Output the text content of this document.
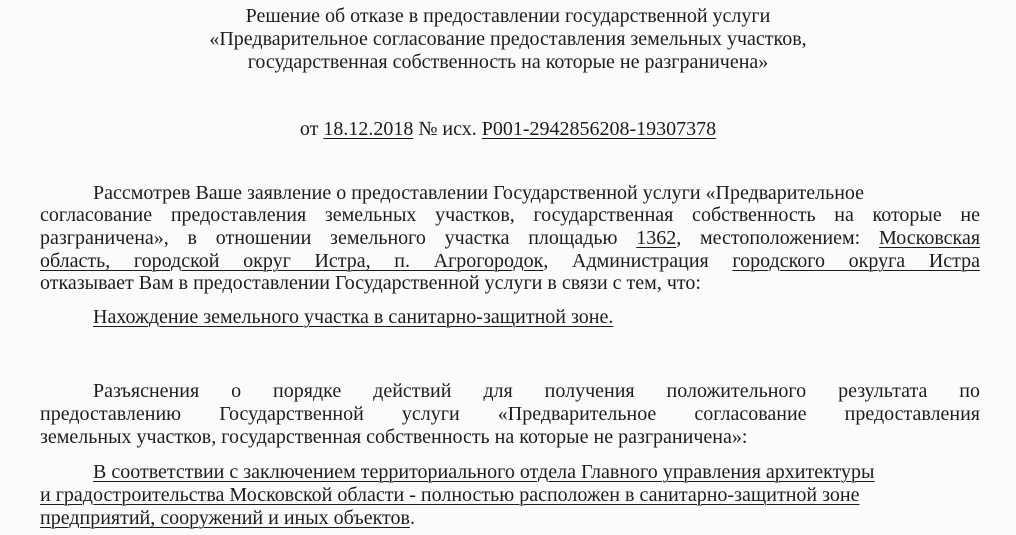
Решение об отказе в предоставлении государственной услуги
«Предварительное согласование предоставления земельных участков,
государственная собственность на которые не разграничена»
от 18.12.2018 № исх. Р001-2942856208-19307378
Рассмотрев Ваше заявление о предоставлении Государственной услуги «Предварительное
согласование предоставления земельных участков, государственная собственность на которые не
разграничена», в отношении земельного участка площадью 1362, местоположением: Московская
область, городской округ Истра, п. Агрогородок, Администрация городского округа Истра
отказывает Вам в предоставлении Государственной услуги в связи с тем, что:
Нахождение земельного участка в санитарно-защитной зоне.
Разъяснения о порядке действий для получения положительного результата по
предоставлению Государственной услуги «Предварительное согласование предоставления
земельных участков, государственная собственность на которые не разграничена»:
В соответствии с заключением территориального отдела Главного управления архитектуры
и градостроительства Московской области - полностью расположен в санитарно-защитной зоне
предприятий, сооружений и иных объектов.
